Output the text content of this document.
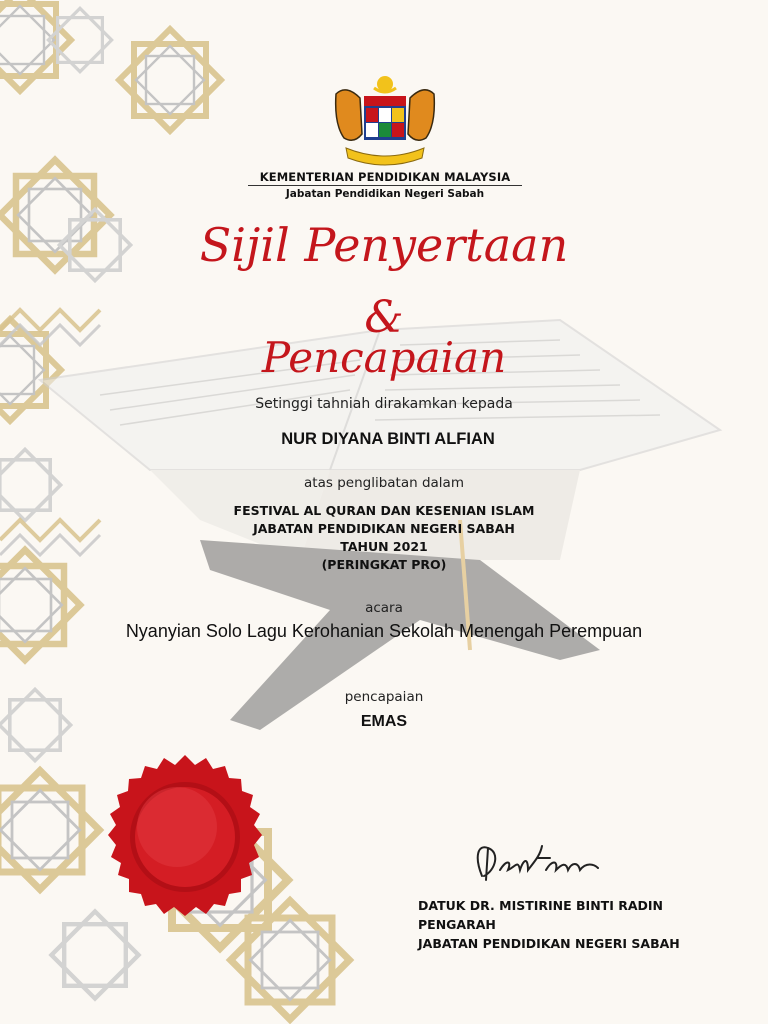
KEMENTERIAN PENDIDIKAN MALAYSIA
Jabatan Pendidikan Negeri Sabah
Sijil Penyertaan
&
Pencapaian
Setinggi tahniah dirakamkan kepada
NUR DIYANA BINTI ALFIAN
atas penglibatan dalam
FESTIVAL AL QURAN DAN KESENIAN ISLAM
JABATAN PENDIDIKAN NEGERI SABAH
TAHUN 2021
(PERINGKAT PRO)
acara
Nyanyian Solo Lagu Kerohanian Sekolah Menengah Perempuan
pencapaian
EMAS
DATUK DR. MISTIRINE BINTI RADIN
PENGARAH
JABATAN PENDIDIKAN NEGERI SABAH
